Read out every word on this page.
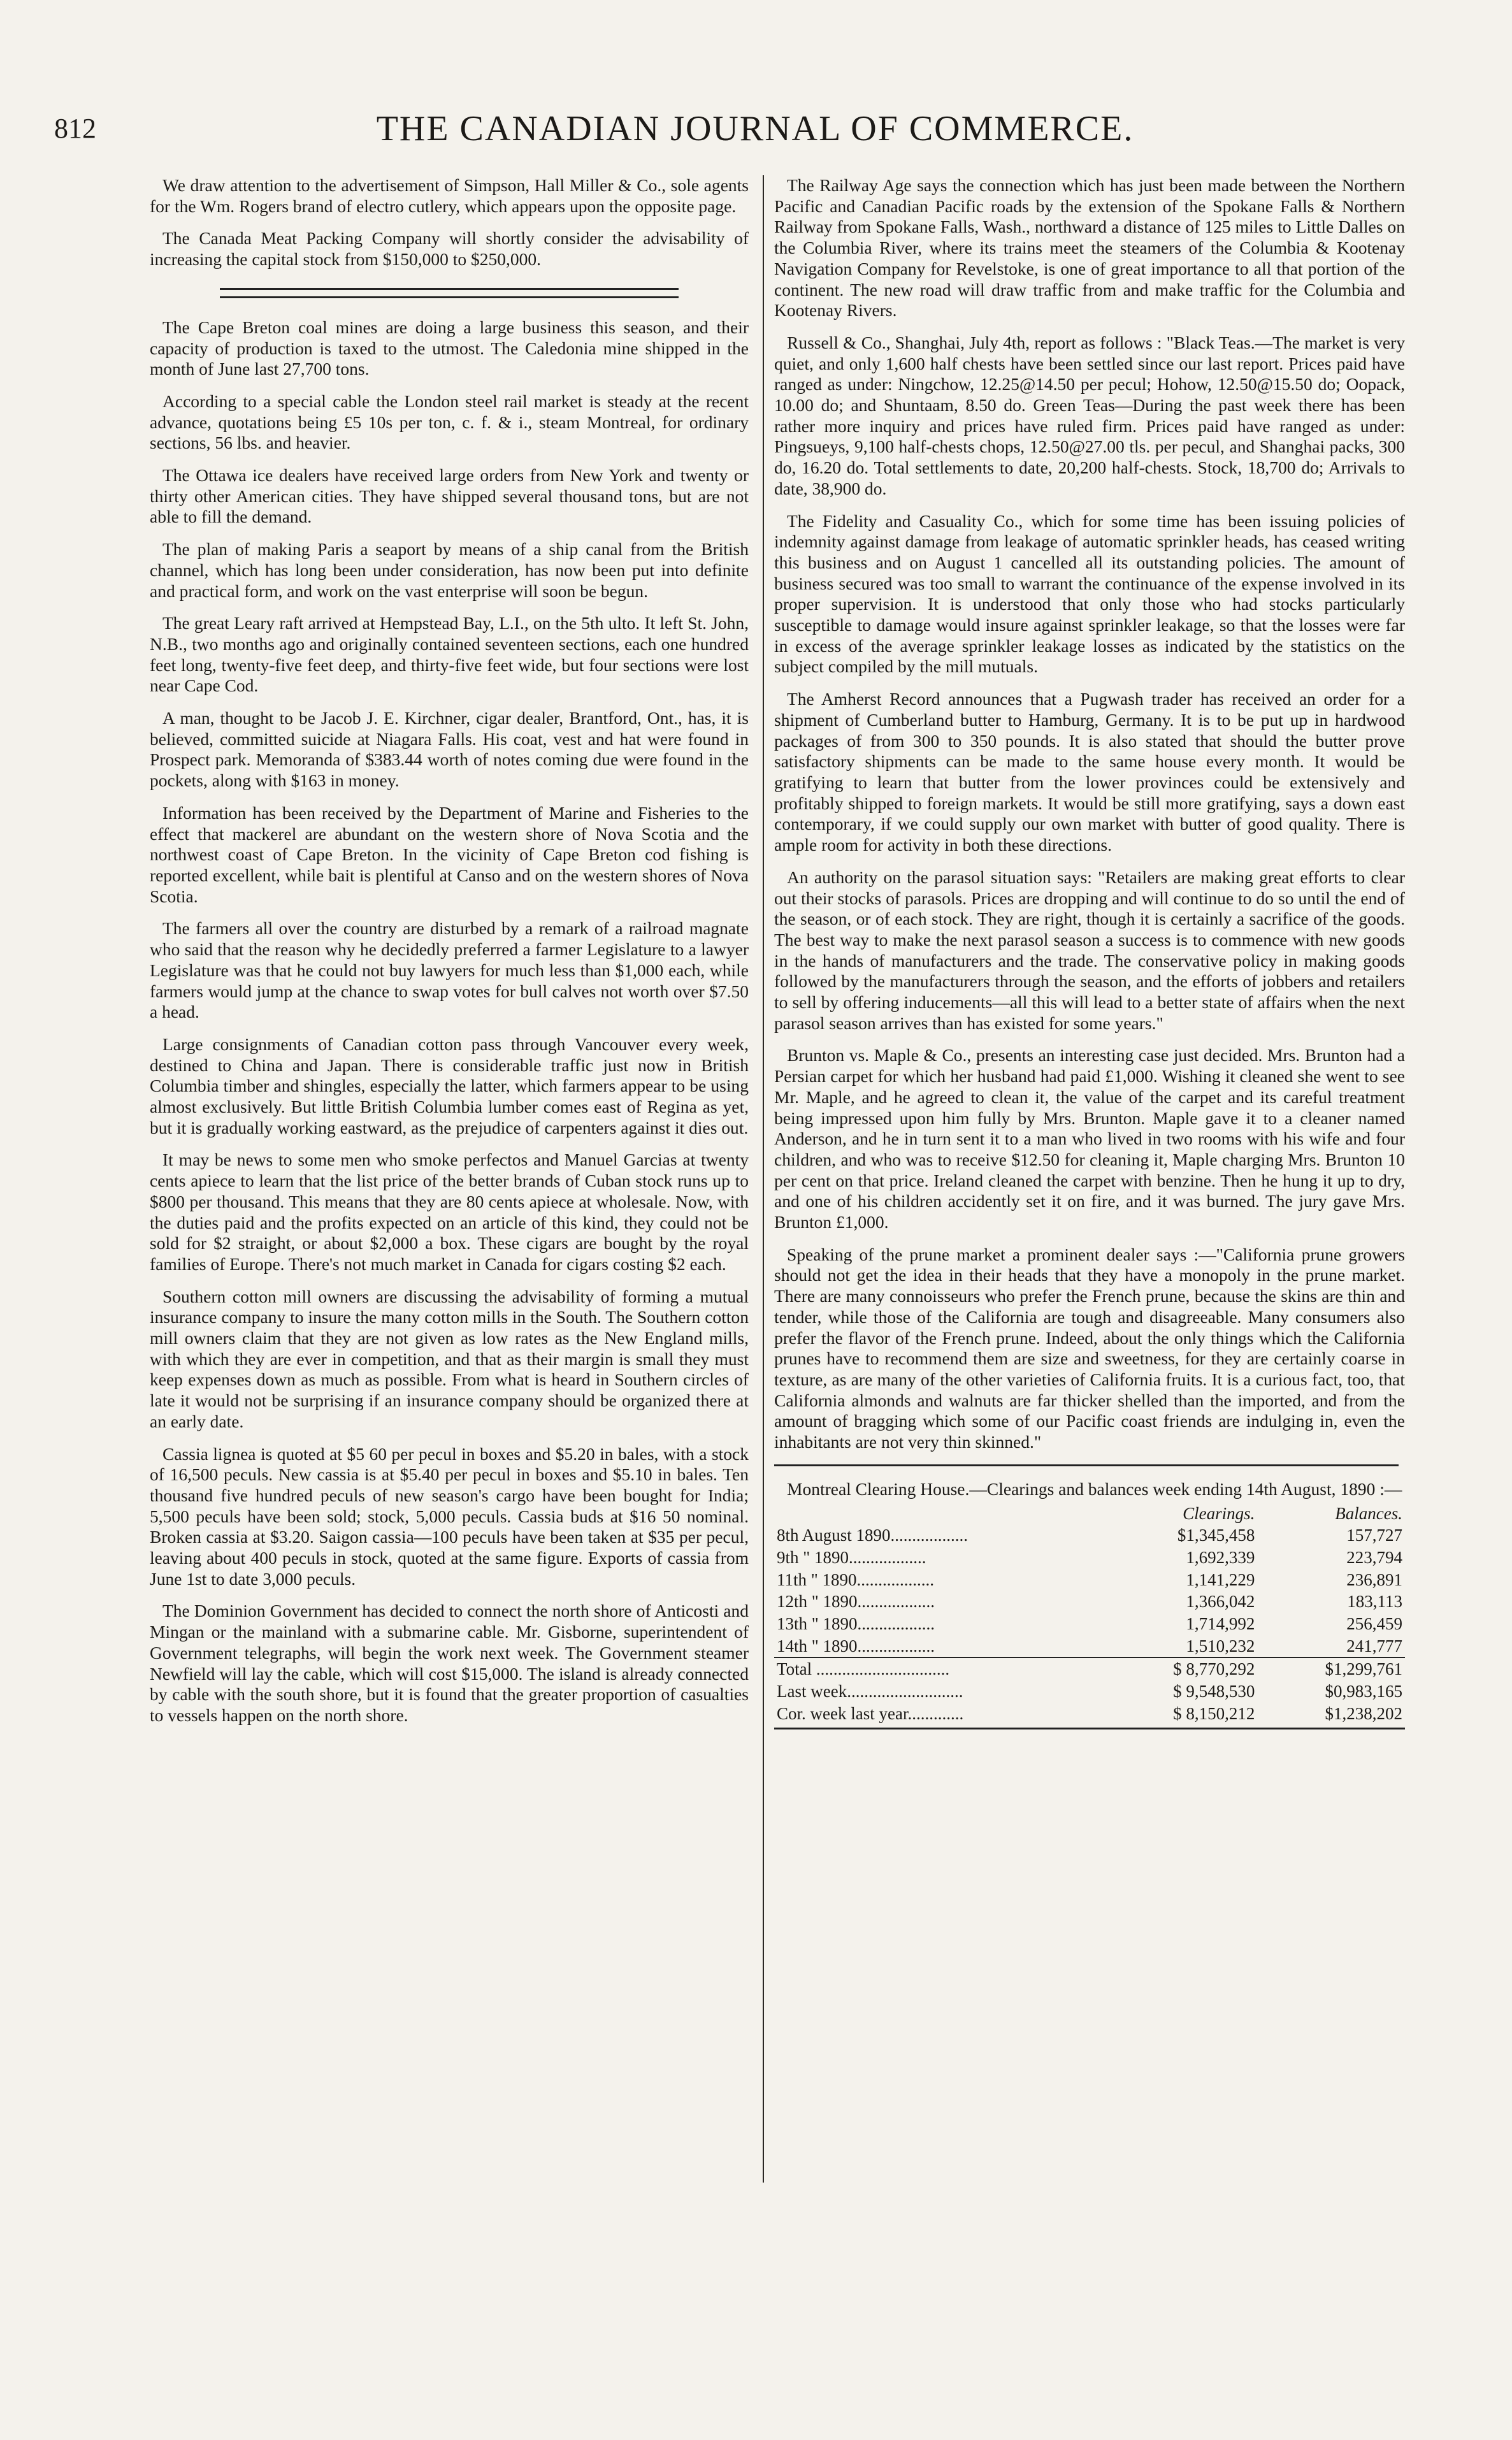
812	THE CANADIAN JOURNAL OF COMMERCE.

We draw attention to the advertisement of Simpson, Hall Miller & Co., sole agents for the Wm. Rogers brand of electro cutlery, which appears upon the opposite page.

The Canada Meat Packing Company will shortly consider the advisability of increasing the capital stock from $150,000 to $250,000.

The Cape Breton coal mines are doing a large business this season, and their capacity of production is taxed to the utmost. The Caledonia mine shipped in the month of June last 27,700 tons.

According to a special cable the London steel rail market is steady at the recent advance, quotations being £5 10s per ton, c. f. & i., steam Montreal, for ordinary sections, 56 lbs. and heavier.

The Ottawa ice dealers have received large orders from New York and twenty or thirty other American cities. They have shipped several thousand tons, but are not able to fill the demand.

The plan of making Paris a seaport by means of a ship canal from the British channel, which has long been under consideration, has now been put into definite and practical form, and work on the vast enterprise will soon be begun.

The great Leary raft arrived at Hempstead Bay, L.I., on the 5th ulto. It left St. John, N.B., two months ago and originally contained seventeen sections, each one hundred feet long, twenty-five feet deep, and thirty-five feet wide, but four sections were lost near Cape Cod.

A man, thought to be Jacob J. E. Kirchner, cigar dealer, Brantford, Ont., has, it is believed, committed suicide at Niagara Falls. His coat, vest and hat were found in Prospect park. Memoranda of $383.44 worth of notes coming due were found in the pockets, along with $163 in money.

Information has been received by the Department of Marine and Fisheries to the effect that mackerel are abundant on the western shore of Nova Scotia and the northwest coast of Cape Breton. In the vicinity of Cape Breton cod fishing is reported excellent, while bait is plentiful at Canso and on the western shores of Nova Scotia.

The farmers all over the country are disturbed by a remark of a railroad magnate who said that the reason why he decidedly preferred a farmer Legislature to a lawyer Legislature was that he could not buy lawyers for much less than $1,000 each, while farmers would jump at the chance to swap votes for bull calves not worth over $7.50 a head.

Large consignments of Canadian cotton pass through Vancouver every week, destined to China and Japan. There is considerable traffic just now in British Columbia timber and shingles, especially the latter, which farmers appear to be using almost exclusively. But little British Columbia lumber comes east of Regina as yet, but it is gradually working eastward, as the prejudice of carpenters against it dies out.

It may be news to some men who smoke perfectos and Manuel Garcias at twenty cents apiece to learn that the list price of the better brands of Cuban stock runs up to $800 per thousand. This means that they are 80 cents apiece at wholesale. Now, with the duties paid and the profits expected on an article of this kind, they could not be sold for $2 straight, or about $2,000 a box. These cigars are bought by the royal families of Europe. There's not much market in Canada for cigars costing $2 each.

Southern cotton mill owners are discussing the advisability of forming a mutual insurance company to insure the many cotton mills in the South. The Southern cotton mill owners claim that they are not given as low rates as the New England mills, with which they are ever in competition, and that as their margin is small they must keep expenses down as much as possible. From what is heard in Southern circles of late it would not be surprising if an insurance company should be organized there at an early date.

Cassia lignea is quoted at $5 60 per pecul in boxes and $5.20 in bales, with a stock of 16,500 peculs. New cassia is at $5.40 per pecul in boxes and $5.10 in bales. Ten thousand five hundred peculs of new season's cargo have been bought for India; 5,500 peculs have been sold; stock, 5,000 peculs. Cassia buds at $16 50 nominal. Broken cassia at $3.20. Saigon cassia—100 peculs have been taken at $35 per pecul, leaving about 400 peculs in stock, quoted at the same figure. Exports of cassia from June 1st to date 3,000 peculs.

The Dominion Government has decided to connect the north shore of Anticosti and Mingan or the mainland with a submarine cable. Mr. Gisborne, superintendent of Government telegraphs, will begin the work next week. The Government steamer Newfield will lay the cable, which will cost $15,000. The island is already connected by cable with the south shore, but it is found that the greater proportion of casualties to vessels happen on the north shore.

The Railway Age says the connection which has just been made between the Northern Pacific and Canadian Pacific roads by the extension of the Spokane Falls & Northern Railway from Spokane Falls, Wash., northward a distance of 125 miles to Little Dalles on the Columbia River, where its trains meet the steamers of the Columbia & Kootenay Navigation Company for Revelstoke, is one of great importance to all that portion of the continent. The new road will draw traffic from and make traffic for the Columbia and Kootenay Rivers.

Russell & Co., Shanghai, July 4th, report as follows : "Black Teas.—The market is very quiet, and only 1,600 half chests have been settled since our last report. Prices paid have ranged as under: Ningchow, 12.25@14.50 per pecul; Hohow, 12.50@15.50 do; Oopack, 10.00 do; and Shuntaam, 8.50 do. Green Teas—During the past week there has been rather more inquiry and prices have ruled firm. Prices paid have ranged as under: Pingsueys, 9,100 half-chests chops, 12.50@27.00 tls. per pecul, and Shanghai packs, 300 do, 16.20 do. Total settlements to date, 20,200 half-chests. Stock, 18,700 do; Arrivals to date, 38,900 do.

The Fidelity and Casuality Co., which for some time has been issuing policies of indemnity against damage from leakage of automatic sprinkler heads, has ceased writing this business and on August 1 cancelled all its outstanding policies. The amount of business secured was too small to warrant the continuance of the expense involved in its proper supervision. It is understood that only those who had stocks particularly susceptible to damage would insure against sprinkler leakage, so that the losses were far in excess of the average sprinkler leakage losses as indicated by the statistics on the subject compiled by the mill mutuals.

The Amherst Record announces that a Pugwash trader has received an order for a shipment of Cumberland butter to Hamburg, Germany. It is to be put up in hardwood packages of from 300 to 350 pounds. It is also stated that should the butter prove satisfactory shipments can be made to the same house every month. It would be gratifying to learn that butter from the lower provinces could be extensively and profitably shipped to foreign markets. It would be still more gratifying, says a down east contemporary, if we could supply our own market with butter of good quality. There is ample room for activity in both these directions.

An authority on the parasol situation says: "Retailers are making great efforts to clear out their stocks of parasols. Prices are dropping and will continue to do so until the end of the season, or of each stock. They are right, though it is certainly a sacrifice of the goods. The best way to make the next parasol season a success is to commence with new goods in the hands of manufacturers and the trade. The conservative policy in making goods followed by the manufacturers through the season, and the efforts of jobbers and retailers to sell by offering inducements—all this will lead to a better state of affairs when the next parasol season arrives than has existed for some years."

Brunton vs. Maple & Co., presents an interesting case just decided. Mrs. Brunton had a Persian carpet for which her husband had paid £1,000. Wishing it cleaned she went to see Mr. Maple, and he agreed to clean it, the value of the carpet and its careful treatment being impressed upon him fully by Mrs. Brunton. Maple gave it to a cleaner named Anderson, and he in turn sent it to a man who lived in two rooms with his wife and four children, and who was to receive $12.50 for cleaning it, Maple charging Mrs. Brunton 10 per cent on that price. Ireland cleaned the carpet with benzine. Then he hung it up to dry, and one of his children accidently set it on fire, and it was burned. The jury gave Mrs. Brunton £1,000.

Speaking of the prune market a prominent dealer says :—"California prune growers should not get the idea in their heads that they have a monopoly in the prune market. There are many connoisseurs who prefer the French prune, because the skins are thin and tender, while those of the California are tough and disagreeable. Many consumers also prefer the flavor of the French prune. Indeed, about the only things which the California prunes have to recommend them are size and sweetness, for they are certainly coarse in texture, as are many of the other varieties of California fruits. It is a curious fact, too, that California almonds and walnuts are far thicker shelled than the imported, and from the amount of bragging which some of our Pacific coast friends are indulging in, even the inhabitants are not very thin skinned."

Montreal Clearing House.—Clearings and balances week ending 14th August, 1890 :—

	Clearings.	Balances.
8th August 1890..................	$1,345,458	157,727
9th " 1890..................	1,692,339	223,794
11th " 1890..................	1,141,229	236,891
12th " 1890..................	1,366,042	183,113
13th " 1890..................	1,714,992	256,459
14th " 1890..................	1,510,232	241,777
Total ...............................	$ 8,770,292	$1,299,761
Last week...........................	$ 9,548,530	$0,983,165
Cor. week last year.............	$ 8,150,212	$1,238,202
